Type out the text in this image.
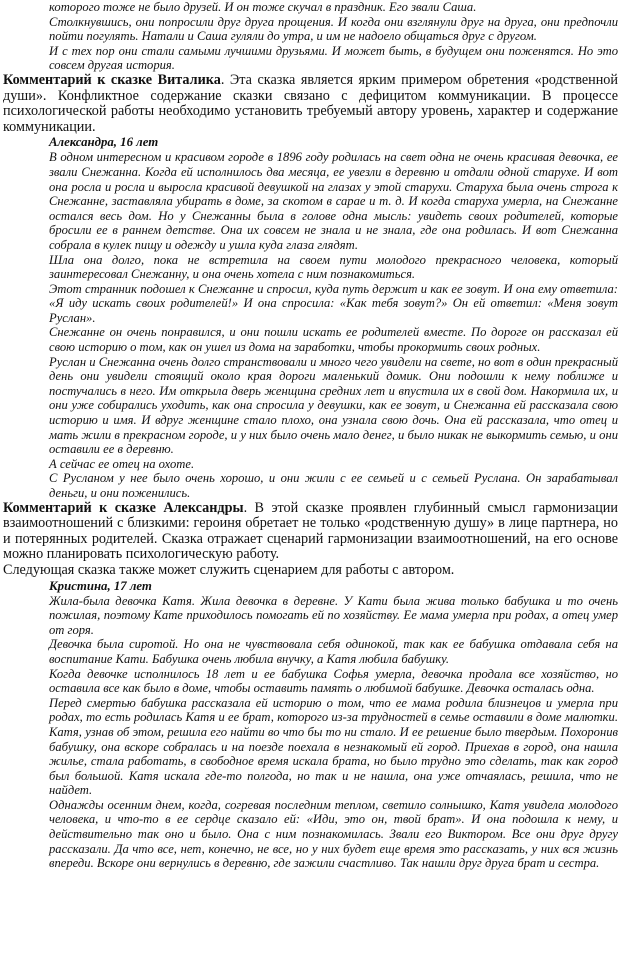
которого тоже не было друзей. И он тоже скучал в праздник. Его звали Саша.

Столкнувшись, они попросили друг друга прощения. И когда они взглянули друг на друга, они предпочли пойти погулять. Натали и Саша гуляли до утра, и им не надоело общаться друг с другом.

И с тех пор они стали самыми лучшими друзьями. И может быть, в будущем они поженятся. Но это совсем другая история.

Комментарий к сказке Виталика. Эта сказка является ярким примером обретения «родственной души». Конфликтное содержание сказки связано с дефицитом коммуникации. В процессе психологической работы необходимо установить требуемый автору уровень, характер и содержание коммуникации.

Александра, 16 лет

В одном интересном и красивом городе в 1896 году родилась на свет одна не очень красивая девочка, ее звали Снежанна. Когда ей исполнилось два месяца, ее увезли в деревню и отдали одной старухе. И вот она росла и росла и выросла красивой девушкой на глазах у этой старухи. Старуха была очень строга к Снежанне, заставляла убирать в доме, за скотом в сарае и т. д. И когда старуха умерла, на Снежанне остался весь дом. Но у Снежанны была в голове одна мысль: увидеть своих родителей, которые бросили ее в раннем детстве. Она их совсем не знала и не знала, где она родилась. И вот Снежанна собрала в кулек пищу и одежду и ушла куда глаза глядят.

Шла она долго, пока не встретила на своем пути молодого прекрасного человека, который заинтересовал Снежанну, и она очень хотела с ним познакомиться.

Этот странник подошел к Снежанне и спросил, куда путь держит и как ее зовут. И она ему ответила: «Я иду искать своих родителей!» И она спросила: «Как тебя зовут?» Он ей ответил: «Меня зовут Руслан».

Снежанне он очень понравился, и они пошли искать ее родителей вместе. По дороге он рассказал ей свою историю о том, как он ушел из дома на заработки, чтобы прокормить своих родных.

Руслан и Снежанна очень долго странствовали и много чего увидели на свете, но вот в один прекрасный день они увидели стоящий около края дороги маленький домик. Они подошли к нему поближе и постучались в него. Им открыла дверь женщина средних лет и впустила их в свой дом. Накормила их, и они уже собирались уходить, как она спросила у девушки, как ее зовут, и Снежанна ей рассказала свою историю и имя. И вдруг женщине стало плохо, она узнала свою дочь. Она ей рассказала, что отец и мать жили в прекрасном городе, и у них было очень мало денег, и было никак не выкормить семью, и они оставили ее в деревню.

А сейчас ее отец на охоте.

С Русланом у нее было очень хорошо, и они жили с ее семьей и с семьей Руслана. Он зарабатывал деньги, и они поженились.

Комментарий к сказке Александры. В этой сказке проявлен глубинный смысл гармонизации взаимоотношений с близкими: героиня обретает не только «родственную душу» в лице партнера, но и потерянных родителей. Сказка отражает сценарий гармонизации взаимоотношений, на его основе можно планировать психологическую работу.

Следующая сказка также может служить сценарием для работы с автором.

Кристина, 17 лет

Жила-была девочка Катя. Жила девочка в деревне. У Кати была жива только бабушка и то очень пожилая, поэтому Кате приходилось помогать ей по хозяйству. Ее мама умерла при родах, а отец умер от горя.

Девочка была сиротой. Но она не чувствовала себя одинокой, так как ее бабушка отдавала себя на воспитание Кати. Бабушка очень любила внучку, а Катя любила бабушку.

Когда девочке исполнилось 18 лет и ее бабушка Софья умерла, девочка продала все хозяйство, но оставила все как было в доме, чтобы оставить память о любимой бабушке. Девочка осталась одна.

Перед смертью бабушка рассказала ей историю о том, что ее мама родила близнецов и умерла при родах, то есть родилась Катя и ее брат, которого из-за трудностей в семье оставили в доме малютки. Катя, узнав об этом, решила его найти во что бы то ни стало. И ее решение было твердым. Похоронив бабушку, она вскоре собралась и на поезде поехала в незнакомый ей город. Приехав в город, она нашла жилье, стала работать, в свободное время искала брата, но было трудно это сделать, так как город был большой. Катя искала где-то полгода, но так и не нашла, она уже отчаялась, решила, что не найдет.

Однажды осенним днем, когда, согревая последним теплом, светило солнышко, Катя увидела молодого человека, и что-то в ее сердце сказало ей: «Иди, это он, твой брат». И она подошла к нему, и действительно так оно и было. Она с ним познакомилась. Звали его Виктором. Все они друг другу рассказали. Да что все, нет, конечно, не все, но у них будет еще время это рассказать, у них вся жизнь впереди. Вскоре они вернулись в деревню, где зажили счастливо. Так нашли друг друга брат и сестра.
